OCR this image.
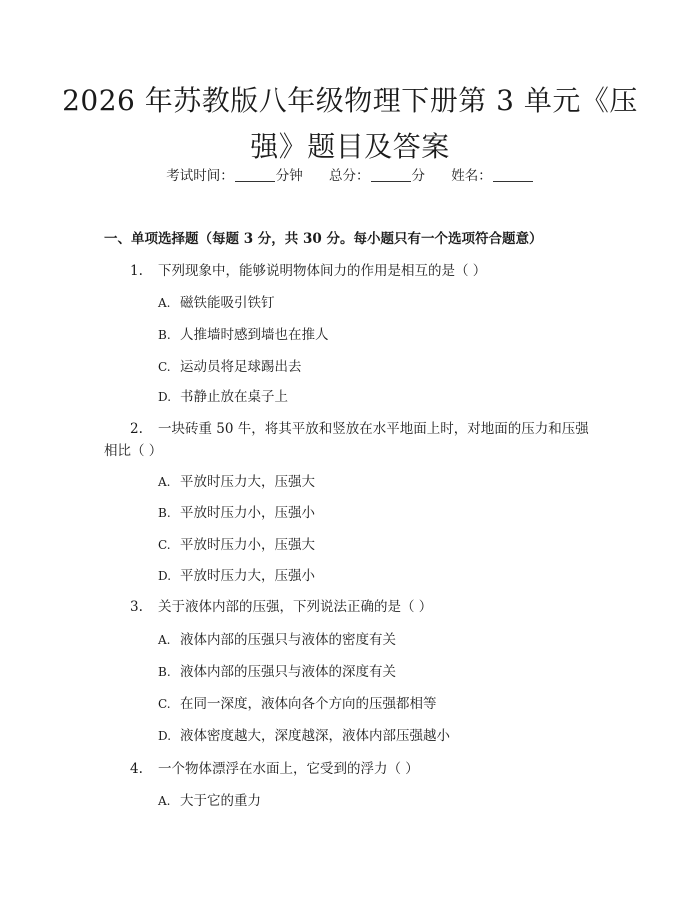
2026 年苏教版八年级物理下册第 3 单元《压
强》题目及答案
考试时间：	分钟 总分：	分 姓名：
一、单项选择题（每题 3 分，共 30 分。每小题只有一个选项符合题意）
1. 下列现象中，能够说明物体间力的作用是相互的是（ ）
A. 磁铁能吸引铁钉
B. 人推墙时感到墙也在推人
C. 运动员将足球踢出去
D. 书静止放在桌子上
2. 一块砖重 50 牛，将其平放和竖放在水平地面上时，对地面的压力和压强
相比（ ）
A. 平放时压力大，压强大
B. 平放时压力小，压强小
C. 平放时压力小，压强大
D. 平放时压力大，压强小
3. 关于液体内部的压强，下列说法正确的是（ ）
A. 液体内部的压强只与液体的密度有关
B. 液体内部的压强只与液体的深度有关
C. 在同一深度，液体向各个方向的压强都相等
D. 液体密度越大，深度越深，液体内部压强越小
4. 一个物体漂浮在水面上，它受到的浮力（ ）
A. 大于它的重力
